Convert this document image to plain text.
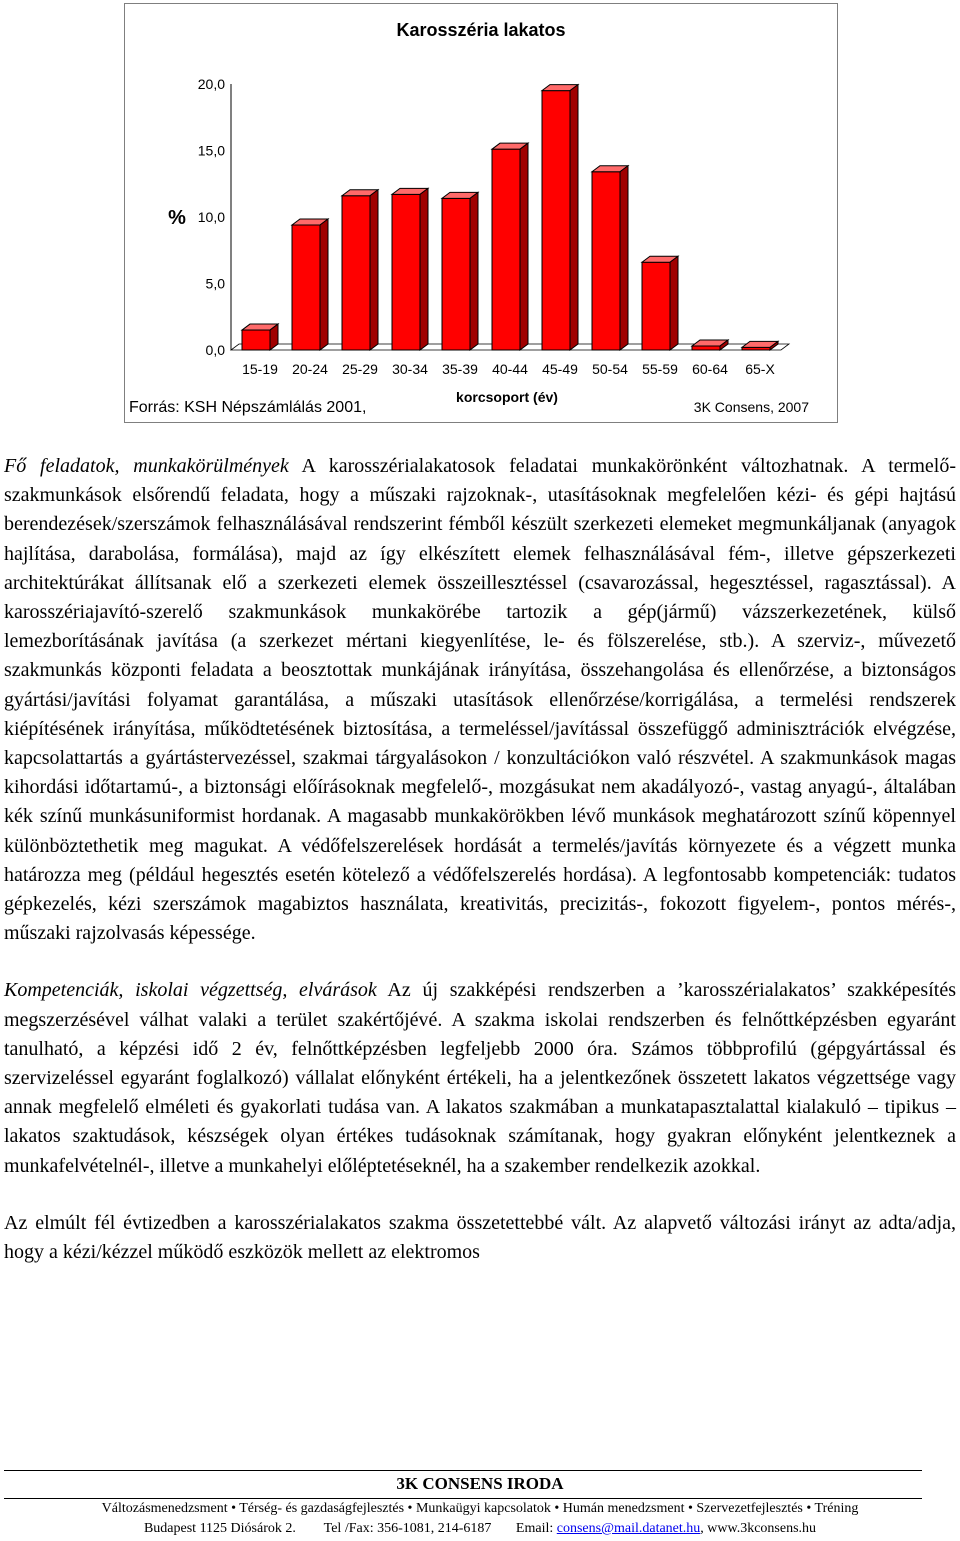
Karosszéria lakatos
0,0
5,0
10,0
15,0
20,0
%
15-19 20-24 25-29 30-34 35-39 40-44 45-49 50-54 55-59 60-64 65-X
korcsoport (év)
Forrás: KSH Népszámlálás 2001,	3K Consens, 2007

Fő feladatok, munkakörülmények A karosszérialakatosok feladatai munkakörönként változhatnak. A termelő-szakmunkások elsőrendű feladata, hogy a műszaki rajzoknak-, utasításoknak megfelelően kézi- és gépi hajtású berendezések/szerszámok felhasználásával rendszerint fémből készült szerkezeti elemeket megmunkáljanak (anyagok hajlítása, darabolása, formálása), majd az így elkészített elemek felhasználásával fém-, illetve gépszerkezeti architektúrákat állítsanak elő a szerkezeti elemek összeillesztéssel (csavarozással, hegesztéssel, ragasztással). A karosszériajavító-szerelő szakmunkások munkakörébe tartozik a gép(jármű) vázszerkezetének, külső lemezborításának javítása (a szerkezet mértani kiegyenlítése, le- és fölszerelése, stb.). A szerviz-, művezető szakmunkás központi feladata a beosztottak munkájának irányítása, összehangolása és ellenőrzése, a biztonságos gyártási/javítási folyamat garantálása, a műszaki utasítások ellenőrzése/korrigálása, a termelési rendszerek kiépítésének irányítása, működtetésének biztosítása, a termeléssel/javítással összefüggő adminisztrációk elvégzése, kapcsolattartás a gyártástervezéssel, szakmai tárgyalásokon / konzultációkon való részvétel. A szakmunkások magas kihordási időtartamú-, a biztonsági előírásoknak megfelelő-, mozgásukat nem akadályozó-, vastag anyagú-, általában kék színű munkásuniformist hordanak. A magasabb munkakörökben lévő munkások meghatározott színű köpennyel különböztethetik meg magukat. A védőfelszerelések hordását a termelés/javítás környezete és a végzett munka határozza meg (például hegesztés esetén kötelező a védőfelszerelés hordása). A legfontosabb kompetenciák: tudatos gépkezelés, kézi szerszámok magabiztos használata, kreativitás, precizitás-, fokozott figyelem-, pontos mérés-, műszaki rajzolvasás képessége.

Kompetenciák, iskolai végzettség, elvárások Az új szakképési rendszerben a ’karosszérialakatos’ szakképesítés megszerzésével válhat valaki a terület szakértőjévé. A szakma iskolai rendszerben és felnőttképzésben egyaránt tanulható, a képzési idő 2 év, felnőttképzésben legfeljebb 2000 óra. Számos többprofilú (gépgyártással és szervizeléssel egyaránt foglalkozó) vállalat előnyként értékeli, ha a jelentkezőnek összetett lakatos végzettsége vagy annak megfelelő elméleti és gyakorlati tudása van. A lakatos szakmában a munkatapasztalattal kialakuló – tipikus – lakatos szaktudások, készségek olyan értékes tudásoknak számítanak, hogy gyakran előnyként jelentkeznek a munkafelvételnél-, illetve a munkahelyi előléptetéseknél, ha a szakember rendelkezik azokkal.

Az elmúlt fél évtizedben a karosszérialakatos szakma összetettebbé vált. Az alapvető változási irányt az adta/adja, hogy a kézi/kézzel működő eszközök mellett az elektromos

3K CONSENS IRODA
Változásmenedzsment • Térség- és gazdaságfejlesztés • Munkaügyi kapcsolatok • Humán menedzsment • Szervezetfejlesztés • Tréning
Budapest 1125 Diósárok 2. Tel /Fax: 356-1081, 214-6187 Email: consens@mail.datanet.hu, www.3kconsens.hu
